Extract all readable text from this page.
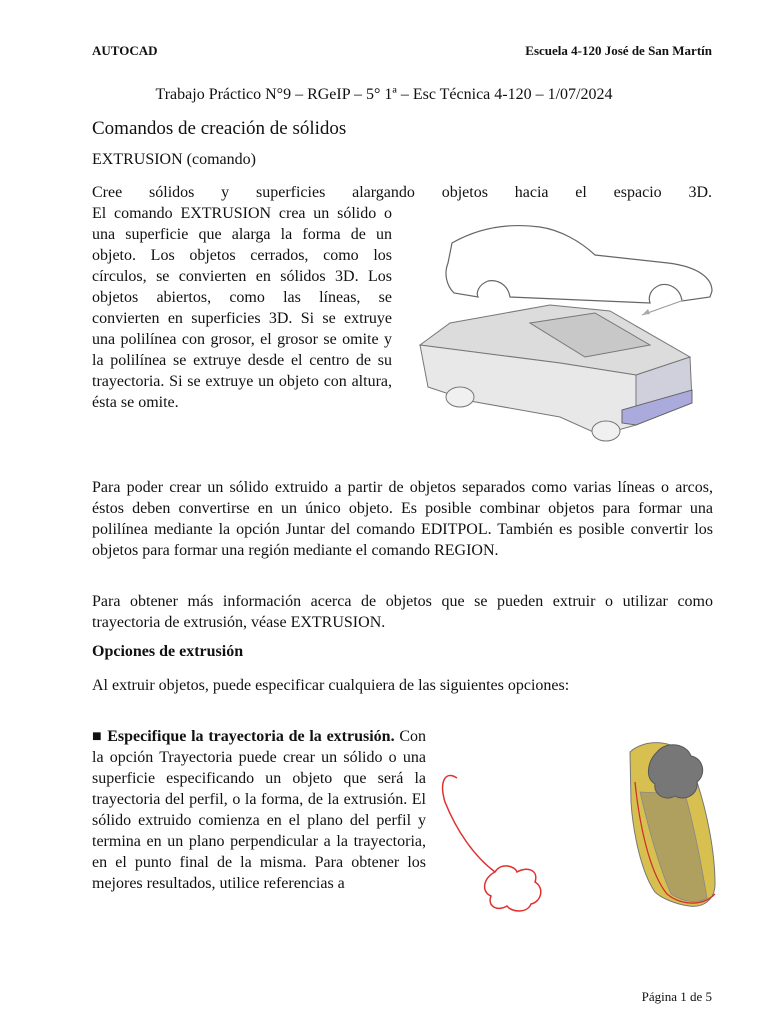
AUTOCAD	Escuela 4-120 José de San Martín
Trabajo Práctico N°9 – RGeIP – 5° 1ª – Esc Técnica 4-120 – 1/07/2024
Comandos de creación de sólidos
EXTRUSION (comando)
Cree sólidos y superficies alargando objetos hacia el espacio 3D.
El comando EXTRUSION crea un sólido o una superficie que alarga la forma de un objeto. Los objetos cerrados, como los círculos, se convierten en sólidos 3D. Los objetos abiertos, como las líneas, se convierten en superficies 3D. Si se extruye una polilínea con grosor, el grosor se omite y la polilínea se extruye desde el centro de su trayectoria. Si se extruye un objeto con altura, ésta se omite.
Para poder crear un sólido extruido a partir de objetos separados como varias líneas o arcos, éstos deben convertirse en un único objeto. Es posible combinar objetos para formar una polilínea mediante la opción Juntar del comando EDITPOL. También es posible convertir los objetos para formar una región mediante el comando REGION.
Para obtener más información acerca de objetos que se pueden extruir o utilizar como trayectoria de extrusión, véase EXTRUSION.
Opciones de extrusión
Al extruir objetos, puede especificar cualquiera de las siguientes opciones:
■ Especifique la trayectoria de la extrusión. Con la opción Trayectoria puede crear un sólido o una superficie especificando un objeto que será la trayectoria del perfil, o la forma, de la extrusión. El sólido extruido comienza en el plano del perfil y termina en un plano perpendicular a la trayectoria, en el punto final de la misma. Para obtener los mejores resultados, utilice referencias a
Página 1 de 5
